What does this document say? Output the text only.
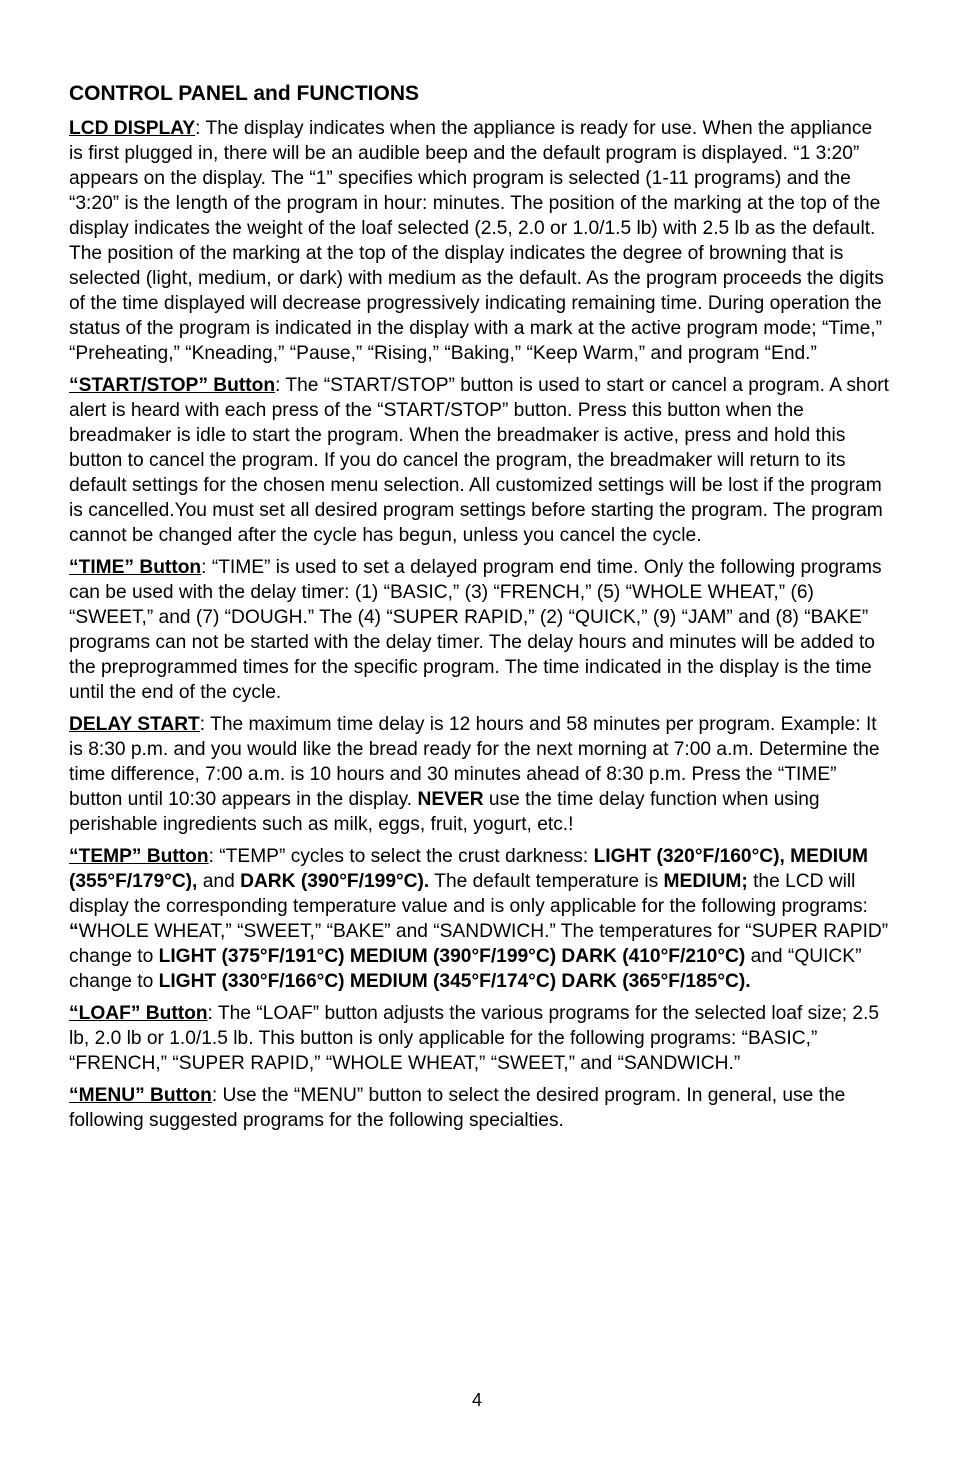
CONTROL PANEL and FUNCTIONS

LCD DISPLAY: The display indicates when the appliance is ready for use. When the appliance is first plugged in, there will be an audible beep and the default program is displayed. “1 3:20” appears on the display. The “1” specifies which program is selected (1-11 programs) and the “3:20” is the length of the program in hour: minutes. The position of the marking at the top of the display indicates the weight of the loaf selected (2.5, 2.0 or 1.0/1.5 lb) with 2.5 lb as the default. The position of the marking at the top of the display indicates the degree of browning that is selected (light, medium, or dark) with medium as the default. As the program proceeds the digits of the time displayed will decrease progressively indicating remaining time. During operation the status of the program is indicated in the display with a mark at the active program mode; “Time,” “Preheating,” “Kneading,” “Pause,” “Rising,” “Baking,” “Keep Warm,” and program “End.”

“START/STOP” Button: The “START/STOP” button is used to start or cancel a program. A short alert is heard with each press of the “START/STOP” button. Press this button when the breadmaker is idle to start the program. When the breadmaker is active, press and hold this button to cancel the program. If you do cancel the program, the breadmaker will return to its default settings for the chosen menu selection. All customized settings will be lost if the program is cancelled.You must set all desired program settings before starting the program. The program cannot be changed after the cycle has begun, unless you cancel the cycle.

“TIME” Button: “TIME” is used to set a delayed program end time. Only the following programs can be used with the delay timer: (1) “BASIC,” (3) “FRENCH,” (5) “WHOLE WHEAT,” (6) “SWEET,” and (7) “DOUGH.” The (4) “SUPER RAPID,” (2) “QUICK,” (9) “JAM” and (8) “BAKE” programs can not be started with the delay timer. The delay hours and minutes will be added to the preprogrammed times for the specific program. The time indicated in the display is the time until the end of the cycle.

DELAY START: The maximum time delay is 12 hours and 58 minutes per program. Example: It is 8:30 p.m. and you would like the bread ready for the next morning at 7:00 a.m. Determine the time difference, 7:00 a.m. is 10 hours and 30 minutes ahead of 8:30 p.m. Press the “TIME” button until 10:30 appears in the display. NEVER use the time delay function when using perishable ingredients such as milk, eggs, fruit, yogurt, etc.!

“TEMP” Button: “TEMP” cycles to select the crust darkness: LIGHT (320°F/160°C), MEDIUM (355°F/179°C), and DARK (390°F/199°C). The default temperature is MEDIUM; the LCD will display the corresponding temperature value and is only applicable for the following programs: “WHOLE WHEAT,” “SWEET,” “BAKE” and “SANDWICH.” The temperatures for “SUPER RAPID” change to LIGHT (375°F/191°C) MEDIUM (390°F/199°C) DARK (410°F/210°C) and “QUICK” change to LIGHT (330°F/166°C) MEDIUM (345°F/174°C) DARK (365°F/185°C).

“LOAF” Button: The “LOAF” button adjusts the various programs for the selected loaf size; 2.5 lb, 2.0 lb or 1.0/1.5 lb. This button is only applicable for the following programs: “BASIC,” “FRENCH,” “SUPER RAPID,” “WHOLE WHEAT,” “SWEET,” and “SANDWICH.”

“MENU” Button: Use the “MENU” button to select the desired program. In general, use the following suggested programs for the following specialties.

4
